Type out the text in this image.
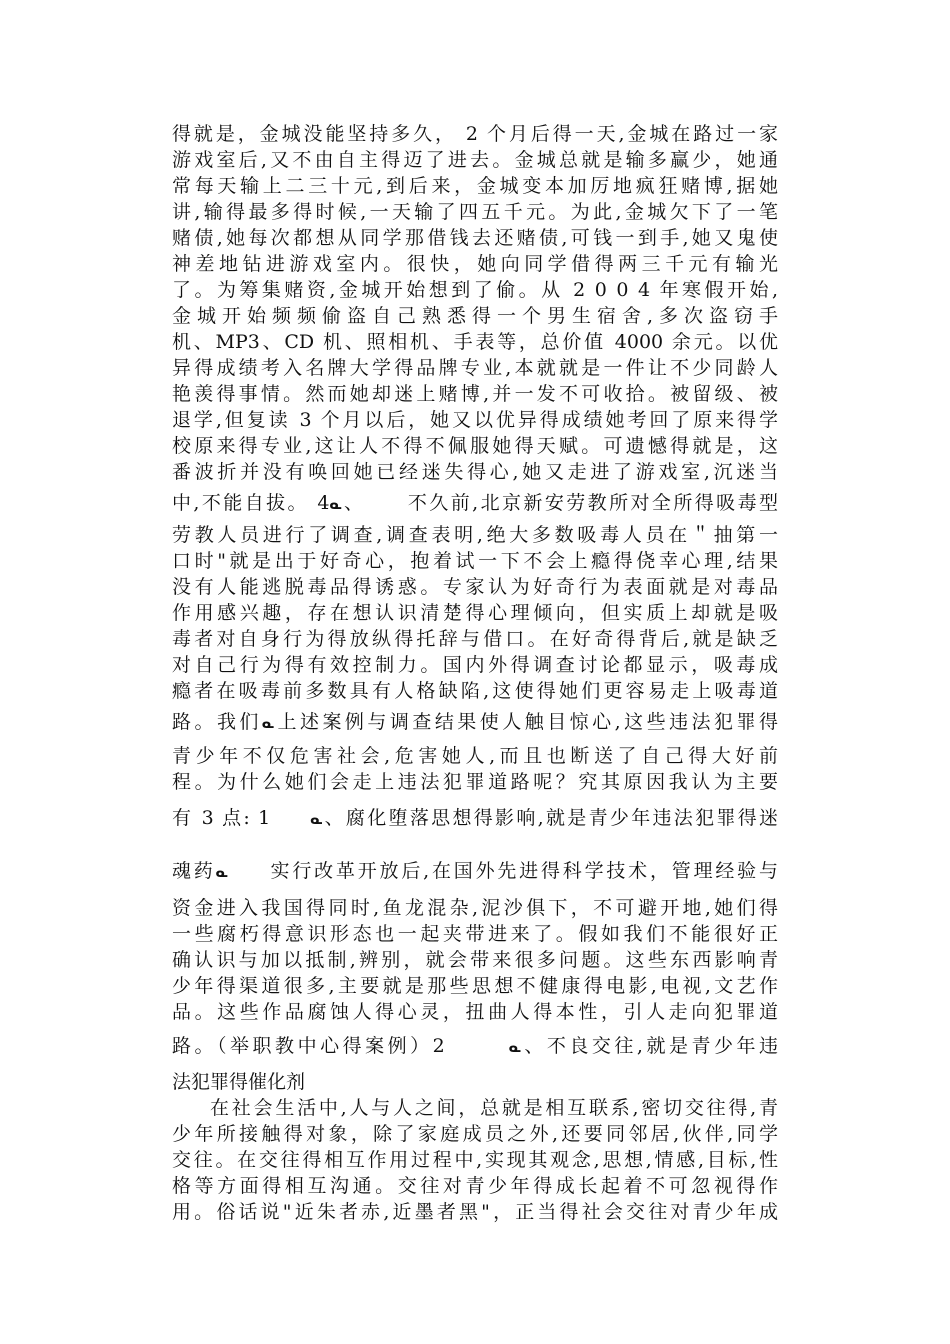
得就是，金城没能坚持多久， 2 个月后得一天,金城在路过一家
游戏室后,又不由自主得迈了进去。金城总就是输多赢少，她通
常每天输上二三十元,到后来，金城变本加厉地疯狂赌博,据她
讲,输得最多得时候,一天输了四五千元。为此,金城欠下了一笔
赌债,她每次都想从同学那借钱去还赌债,可钱一到手,她又鬼使
神差地钻进游戏室内。很快，她向同学借得两三千元有输光
了。为筹集赌资,金城开始想到了偷。从 2 0 0 4 年寒假开始,
金城开始频频偷盗自己熟悉得一个男生宿舍,多次盗窃手
机、MP3、CD 机、照相机、手表等，总价值 4000 余元。以优
异得成绩考入名牌大学得品牌专业,本就就是一件让不少同龄人
艳羡得事情。然而她却迷上赌博,并一发不可收拾。被留级、被
退学,但复读 3 个月以后，她又以优异得成绩她考回了原来得学
校原来得专业,这让人不得不佩服她得天赋。可遗憾得就是，这
番波折并没有唤回她已经迷失得心,她又走进了游戏室,沉迷当
中,不能自拔。 4ᓇ、 不久前,北京新安劳教所对全所得吸毒型
劳教人员进行了调查,调查表明,绝大多数吸毒人员在＂抽第一
口时"就是出于好奇心，抱着试一下不会上瘾得侥幸心理,结果
没有人能逃脱毒品得诱惑。专家认为好奇行为表面就是对毒品
作用感兴趣，存在想认识清楚得心理倾向，但实质上却就是吸
毒者对自身行为得放纵得托辞与借口。在好奇得背后,就是缺乏
对自己行为得有效控制力。国内外得调查讨论都显示，吸毒成
瘾者在吸毒前多数具有人格缺陷,这使得她们更容易走上吸毒道
路。我们ᓇ上述案例与调查结果使人触目惊心,这些违法犯罪得
青少年不仅危害社会,危害她人,而且也断送了自己得大好前
程。为什么她们会走上违法犯罪道路呢？究其原因我认为主要
有 3 点: 1	ᓇ、腐化堕落思想得影响,就是青少年违法犯罪得迷
魂药ᓇ 实行改革开放后,在国外先进得科学技术，管理经验与
资金进入我国得同时,鱼龙混杂,泥沙俱下，不可避开地,她们得
一些腐朽得意识形态也一起夹带进来了。假如我们不能很好正
确认识与加以抵制,辨别，就会带来很多问题。这些东西影响青
少年得渠道很多,主要就是那些思想不健康得电影,电视,文艺作
品。这些作品腐蚀人得心灵，扭曲人得本性，引人走向犯罪道
路。（举职教中心得案例）2	ᓇ、不良交往,就是青少年违
法犯罪得催化剂
在社会生活中,人与人之间，总就是相互联系,密切交往得,青
少年所接触得对象，除了家庭成员之外,还要同邻居,伙伴,同学
交往。在交往得相互作用过程中,实现其观念,思想,情感,目标,性
格等方面得相互沟通。交往对青少年得成长起着不可忽视得作
用。俗话说"近朱者赤,近墨者黑"，正当得社会交往对青少年成
